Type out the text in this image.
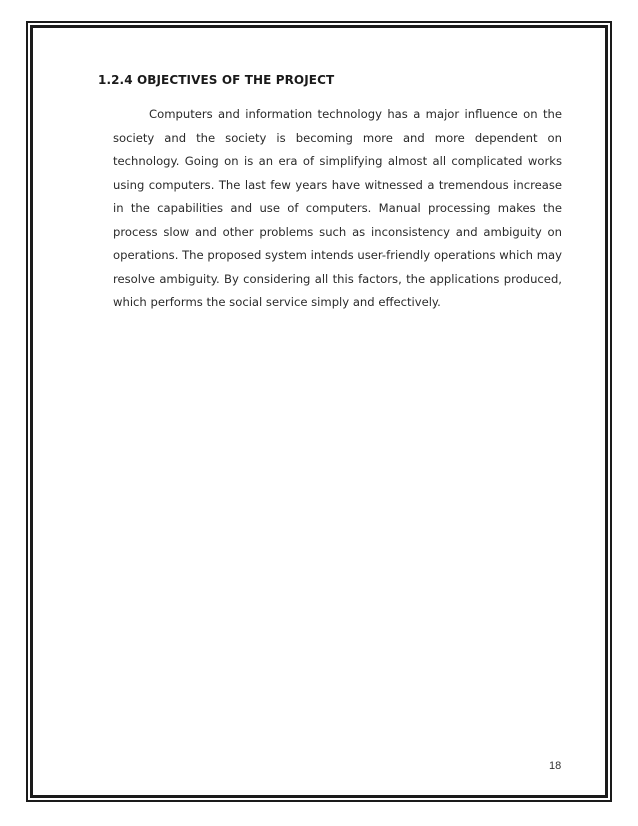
1.2.4 OBJECTIVES OF THE PROJECT
Computers and information technology has a major influence on the
society and the society is becoming more and more dependent on
technology. Going on is an era of simplifying almost all complicated works
using computers. The last few years have witnessed a tremendous increase
in the capabilities and use of computers. Manual processing makes the
process slow and other problems such as inconsistency and ambiguity on
operations. The proposed system intends user-friendly operations which may
resolve ambiguity. By considering all this factors, the applications produced,
which performs the social service simply and effectively.

18
